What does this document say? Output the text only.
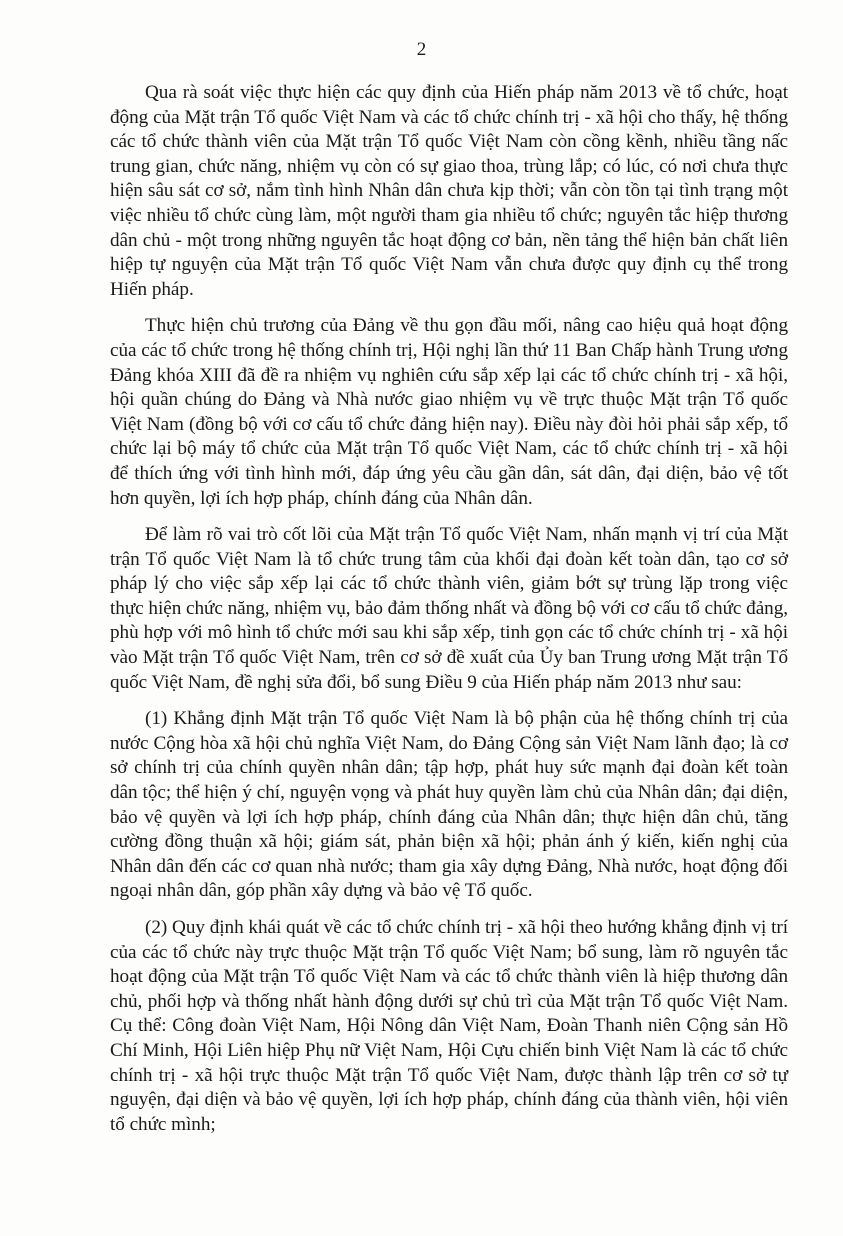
2

Qua rà soát việc thực hiện các quy định của Hiến pháp năm 2013 về tổ chức, hoạt động của Mặt trận Tổ quốc Việt Nam và các tổ chức chính trị - xã hội cho thấy, hệ thống các tổ chức thành viên của Mặt trận Tổ quốc Việt Nam còn cồng kềnh, nhiều tầng nấc trung gian, chức năng, nhiệm vụ còn có sự giao thoa, trùng lắp; có lúc, có nơi chưa thực hiện sâu sát cơ sở, nắm tình hình Nhân dân chưa kịp thời; vẫn còn tồn tại tình trạng một việc nhiều tổ chức cùng làm, một người tham gia nhiều tổ chức; nguyên tắc hiệp thương dân chủ - một trong những nguyên tắc hoạt động cơ bản, nền tảng thể hiện bản chất liên hiệp tự nguyện của Mặt trận Tổ quốc Việt Nam vẫn chưa được quy định cụ thể trong Hiến pháp.

Thực hiện chủ trương của Đảng về thu gọn đầu mối, nâng cao hiệu quả hoạt động của các tổ chức trong hệ thống chính trị, Hội nghị lần thứ 11 Ban Chấp hành Trung ương Đảng khóa XIII đã đề ra nhiệm vụ nghiên cứu sắp xếp lại các tổ chức chính trị - xã hội, hội quần chúng do Đảng và Nhà nước giao nhiệm vụ về trực thuộc Mặt trận Tổ quốc Việt Nam (đồng bộ với cơ cấu tổ chức đảng hiện nay). Điều này đòi hỏi phải sắp xếp, tổ chức lại bộ máy tổ chức của Mặt trận Tổ quốc Việt Nam, các tổ chức chính trị - xã hội để thích ứng với tình hình mới, đáp ứng yêu cầu gần dân, sát dân, đại diện, bảo vệ tốt hơn quyền, lợi ích hợp pháp, chính đáng của Nhân dân.

Để làm rõ vai trò cốt lõi của Mặt trận Tổ quốc Việt Nam, nhấn mạnh vị trí của Mặt trận Tổ quốc Việt Nam là tổ chức trung tâm của khối đại đoàn kết toàn dân, tạo cơ sở pháp lý cho việc sắp xếp lại các tổ chức thành viên, giảm bớt sự trùng lặp trong việc thực hiện chức năng, nhiệm vụ, bảo đảm thống nhất và đồng bộ với cơ cấu tổ chức đảng, phù hợp với mô hình tổ chức mới sau khi sắp xếp, tinh gọn các tổ chức chính trị - xã hội vào Mặt trận Tổ quốc Việt Nam, trên cơ sở đề xuất của Ủy ban Trung ương Mặt trận Tổ quốc Việt Nam, đề nghị sửa đổi, bổ sung Điều 9 của Hiến pháp năm 2013 như sau:

(1) Khẳng định Mặt trận Tổ quốc Việt Nam là bộ phận của hệ thống chính trị của nước Cộng hòa xã hội chủ nghĩa Việt Nam, do Đảng Cộng sản Việt Nam lãnh đạo; là cơ sở chính trị của chính quyền nhân dân; tập hợp, phát huy sức mạnh đại đoàn kết toàn dân tộc; thể hiện ý chí, nguyện vọng và phát huy quyền làm chủ của Nhân dân; đại diện, bảo vệ quyền và lợi ích hợp pháp, chính đáng của Nhân dân; thực hiện dân chủ, tăng cường đồng thuận xã hội; giám sát, phản biện xã hội; phản ánh ý kiến, kiến nghị của Nhân dân đến các cơ quan nhà nước; tham gia xây dựng Đảng, Nhà nước, hoạt động đối ngoại nhân dân, góp phần xây dựng và bảo vệ Tổ quốc.

(2) Quy định khái quát về các tổ chức chính trị - xã hội theo hướng khẳng định vị trí của các tổ chức này trực thuộc Mặt trận Tổ quốc Việt Nam; bổ sung, làm rõ nguyên tắc hoạt động của Mặt trận Tổ quốc Việt Nam và các tổ chức thành viên là hiệp thương dân chủ, phối hợp và thống nhất hành động dưới sự chủ trì của Mặt trận Tổ quốc Việt Nam. Cụ thể: Công đoàn Việt Nam, Hội Nông dân Việt Nam, Đoàn Thanh niên Cộng sản Hồ Chí Minh, Hội Liên hiệp Phụ nữ Việt Nam, Hội Cựu chiến binh Việt Nam là các tổ chức chính trị - xã hội trực thuộc Mặt trận Tổ quốc Việt Nam, được thành lập trên cơ sở tự nguyện, đại diện và bảo vệ quyền, lợi ích hợp pháp, chính đáng của thành viên, hội viên tổ chức mình;
